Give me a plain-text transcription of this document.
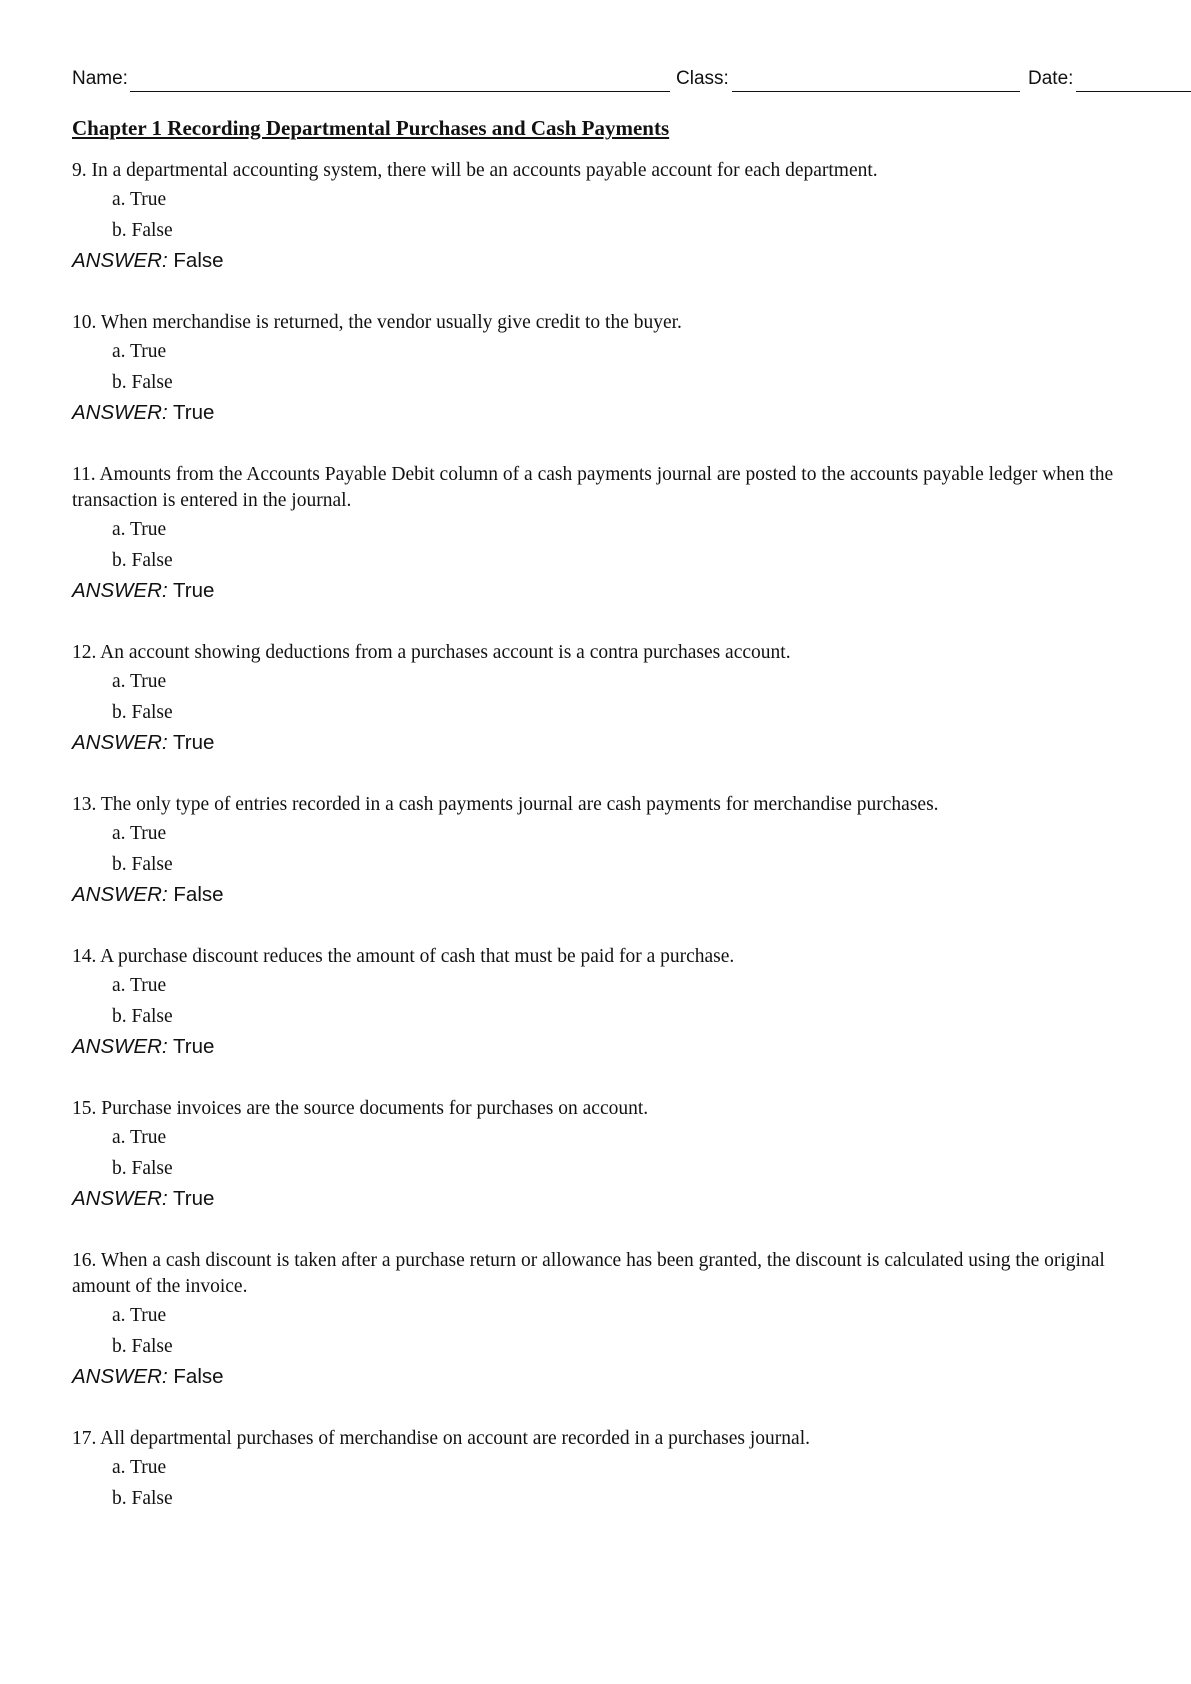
Name:	Class:	Date:
Chapter 1 Recording Departmental Purchases and Cash Payments
9. In a departmental accounting system, there will be an accounts payable account for each department.
a. True
b. False
ANSWER: False
10. When merchandise is returned, the vendor usually give credit to the buyer.
a. True
b. False
ANSWER: True
11. Amounts from the Accounts Payable Debit column of a cash payments journal are posted to the accounts payable ledger when the transaction is entered in the journal.
a. True
b. False
ANSWER: True
12. An account showing deductions from a purchases account is a contra purchases account.
a. True
b. False
ANSWER: True
13. The only type of entries recorded in a cash payments journal are cash payments for merchandise purchases.
a. True
b. False
ANSWER: False
14. A purchase discount reduces the amount of cash that must be paid for a purchase.
a. True
b. False
ANSWER: True
15. Purchase invoices are the source documents for purchases on account.
a. True
b. False
ANSWER: True
16. When a cash discount is taken after a purchase return or allowance has been granted, the discount is calculated using the original amount of the invoice.
a. True
b. False
ANSWER: False
17. All departmental purchases of merchandise on account are recorded in a purchases journal.
a. True
b. False
